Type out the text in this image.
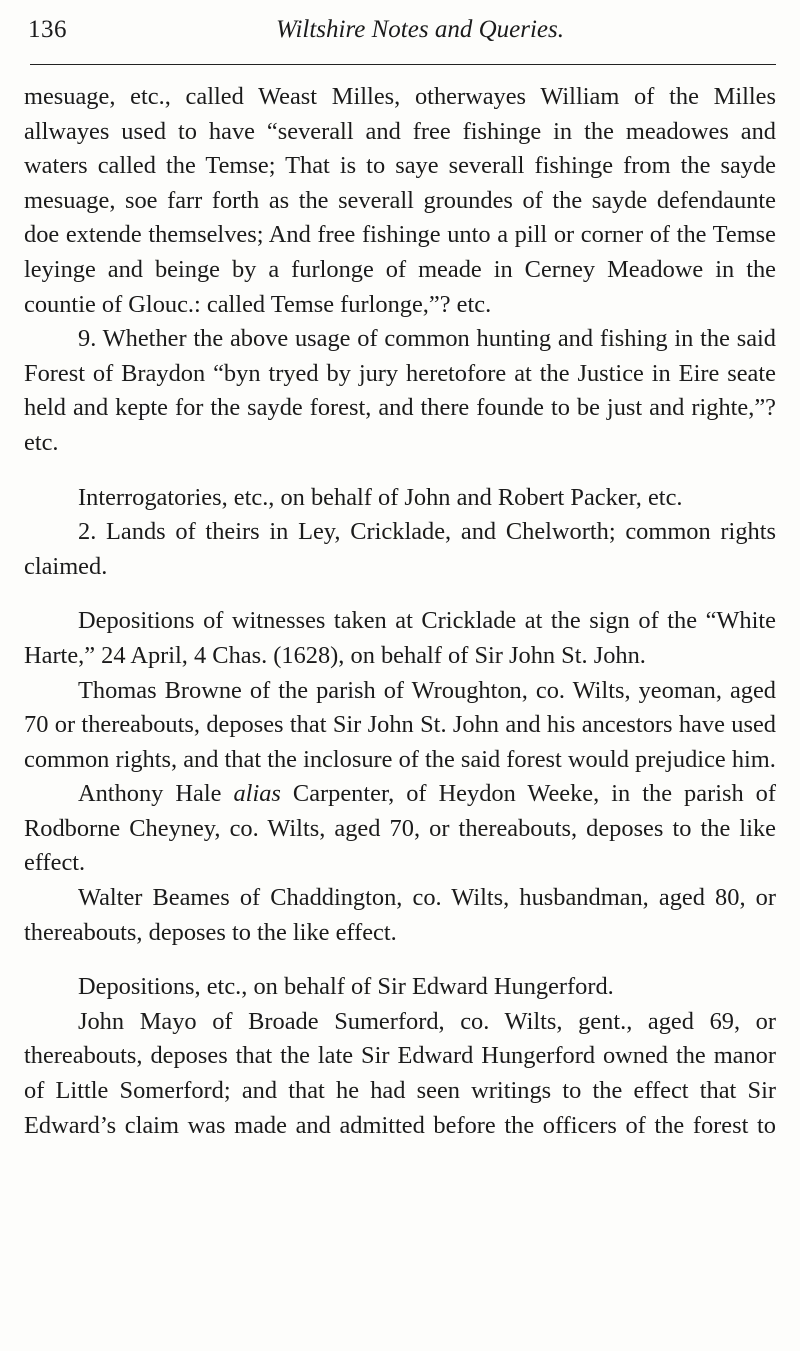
136	Wiltshire Notes and Queries.

mesuage, etc., called Weast Milles, otherwayes William of the Milles allwayes used to have “severall and free fishinge in the meadowes and waters called the Temse; That is to saye severall fishinge from the sayde mesuage, soe farr forth as the severall groundes of the sayde defendaunte doe extende themselves; And free fishinge unto a pill or corner of the Temse leyinge and beinge by a furlonge of meade in Cerney Meadowe in the countie of Glouc.: called Temse furlonge,”? etc.

9. Whether the above usage of common hunting and fishing in the said Forest of Braydon “byn tryed by jury heretofore at the Justice in Eire seate held and kepte for the sayde forest, and there founde to be just and righte,”? etc.

Interrogatories, etc., on behalf of John and Robert Packer, etc.

2. Lands of theirs in Ley, Cricklade, and Chelworth; common rights claimed.

Depositions of witnesses taken at Cricklade at the sign of the “White Harte,” 24 April, 4 Chas. (1628), on behalf of Sir John St. John.

Thomas Browne of the parish of Wroughton, co. Wilts, yeoman, aged 70 or thereabouts, deposes that Sir John St. John and his ancestors have used common rights, and that the inclosure of the said forest would prejudice him.

Anthony Hale alias Carpenter, of Heydon Weeke, in the parish of Rodborne Cheyney, co. Wilts, aged 70, or thereabouts, deposes to the like effect.

Walter Beames of Chaddington, co. Wilts, husbandman, aged 80, or thereabouts, deposes to the like effect.

Depositions, etc., on behalf of Sir Edward Hungerford.

John Mayo of Broade Sumerford, co. Wilts, gent., aged 69, or thereabouts, deposes that the late Sir Edward Hungerford owned the manor of Little Somerford; and that he had seen writings to the effect that Sir Edward’s claim was made and admitted before the officers of the forest to
